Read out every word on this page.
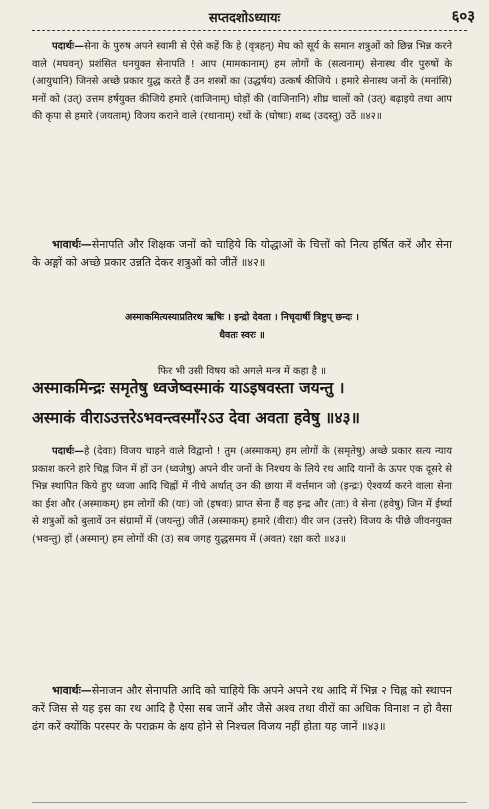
सप्तदशोऽध्यायः	६०३

पदार्थः—सेना के पुरुष अपने स्वामी से ऐसे कहें कि हे (वृत्रहन्) मेघ को सूर्य के समान शत्रुओं को छिन्न भिन्न करने वाले (मघवन्) प्रशंसित धनयुक्त सेनापति ! आप (मामकानाम्) हम लोगों के (सत्वनाम्) सेनास्थ वीर पुरुषों के (आयुधानि) जिनसे अच्छे प्रकार युद्ध करते हैं उन शस्त्रों का (उद्धर्षय) उत्कर्ष कीजिये । हमारे सेनास्थ जनों के (मनांसि) मनों को (उत्) उत्तम हर्षयुक्त कीजिये हमारे (वाजिनाम्) घोड़ों की (वाजिनानि) शीघ्र चालों को (उत्) बढ़ाइये तथा आप की कृपा से हमारे (जयताम्) विजय कराने वाले (रथानाम्) रथों के (घोषाः) शब्द (उदस्तु) उठें ॥४२॥

भावार्थः—सेनापति और शिक्षक जनों को चाहिये कि योद्धाओं के चित्तों को नित्य हर्षित करें और सेना के अङ्गों को अच्छे प्रकार उन्नति देकर शत्रुओं को जीतें ॥४२॥

अस्माकमित्यस्याप्रतिरथ ऋषिः । इन्द्रो देवता । निचृदार्षी त्रिष्टुप् छन्दः ।
धैवतः स्वरः ॥
फिर भी उसी विषय को अगले मन्त्र में कहा है ॥
अस्माकमिन्द्रः समृतेषु ध्वजेष्वस्माकं याऽइषवस्ता जयन्तु ।
अस्माकं वीराऽउत्तरेऽभवन्त्वस्माँ२ऽउ देवा अवता हवेषु ॥४३॥

पदार्थः—हे (देवाः) विजय चाहने वाले विद्वानो ! तुम (अस्माकम्) हम लोगों के (समृतेषु) अच्छे प्रकार सत्य न्याय प्रकाश करने हारे चिह्न जिन में हों उन (ध्वजेषु) अपने वीर जनों के निश्चय के लिये रथ आदि यानों के ऊपर एक दूसरे से भिन्न स्थापित किये हुए ध्वजा आदि चिह्नों में नीचे अर्थात् उन की छाया में वर्त्तमान जो (इन्द्रः) ऐश्वर्य्य करने वाला सेना का ईश और (अस्माकम्) हम लोगों की (याः) जो (इषवः) प्राप्त सेना हैं वह इन्द्र और (ताः) वे सेना (हवेषु) जिन में ईर्ष्या से शत्रुओं को बुलावें उन संग्रामों में (जयन्तु) जीतें (अस्माकम्) हमारे (वीराः) वीर जन (उत्तरे) विजय के पीछे जीवनयुक्त (भवन्तु) हों (अस्मान्) हम लोगों की (उ) सब जगह युद्धसमय में (अवत) रक्षा करो ॥४३॥

भावार्थः—सेनाजन और सेनापति आदि को चाहिये कि अपने अपने रथ आदि में भिन्न २ चिह्न को स्थापन करें जिस से यह इस का रथ आदि है ऐसा सब जानें और जैसे अश्व तथा वीरों का अधिक विनाश न हो वैसा ढंग करें क्योंकि परस्पर के पराक्रम के क्षय होने से निश्चल विजय नहीं होता यह जानें ॥४३॥
